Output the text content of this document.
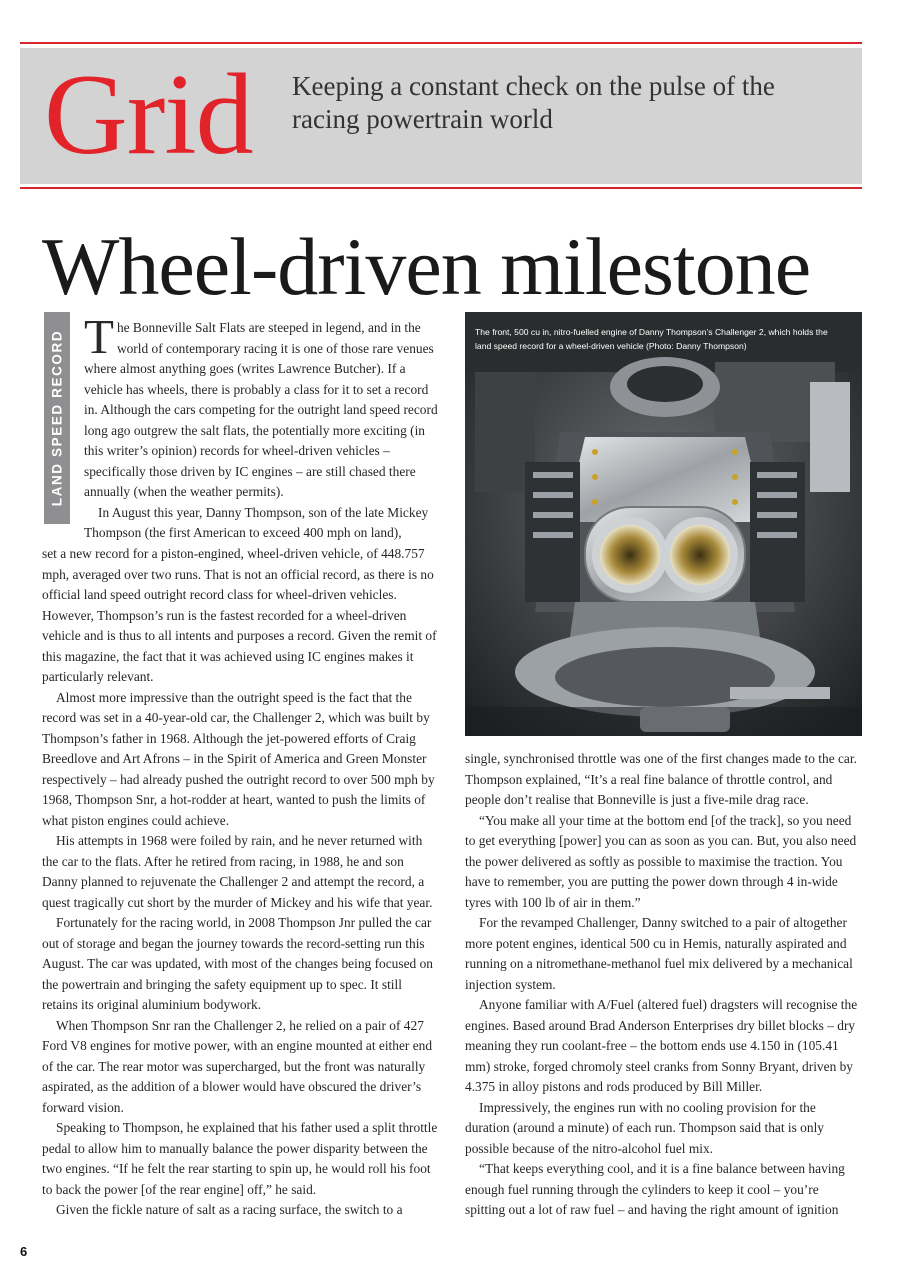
Grid Keeping a constant check on the pulse of the racing powertrain world
Wheel-driven milestone
LAND SPEED RECORD The Bonneville Salt Flats are steeped in legend, and in the world of contemporary racing it is one of those rare venues where almost anything goes (writes Lawrence Butcher). If a vehicle has wheels, there is probably a class for it to set a record in. Although the cars competing for the outright land speed record long ago outgrew the salt flats, the potentially more exciting (in this writer’s opinion) records for wheel-driven vehicles – specifically those driven by IC engines – are still chased there annually (when the weather permits).

In August this year, Danny Thompson, son of the late Mickey Thompson (the first American to exceed 400 mph on land),

set a new record for a piston-engined, wheel-driven vehicle, of 448.757 mph, averaged over two runs. That is not an official record, as there is no official land speed outright record class for wheel-driven vehicles. However, Thompson’s run is the fastest recorded for a wheel-driven vehicle and is thus to all intents and purposes a record. Given the remit of this magazine, the fact that it was achieved using IC engines makes it particularly relevant.

Almost more impressive than the outright speed is the fact that the record was set in a 40-year-old car, the Challenger 2, which was built by Thompson’s father in 1968. Although the jet-powered efforts of Craig Breedlove and Art Afrons – in the Spirit of America and Green Monster respectively – had already pushed the outright record to over 500 mph by 1968, Thompson Snr, a hot-rodder at heart, wanted to push the limits of what piston engines could achieve.

His attempts in 1968 were foiled by rain, and he never returned with the car to the flats. After he retired from racing, in 1988, he and son Danny planned to rejuvenate the Challenger 2 and attempt the record, a quest tragically cut short by the murder of Mickey and his wife that year.

Fortunately for the racing world, in 2008 Thompson Jnr pulled the car out of storage and began the journey towards the record-setting run this August. The car was updated, with most of the changes being focused on the powertrain and bringing the safety equipment up to spec. It still retains its original aluminium bodywork.

When Thompson Snr ran the Challenger 2, he relied on a pair of 427 Ford V8 engines for motive power, with an engine mounted at either end of the car. The rear motor was supercharged, but the front was naturally aspirated, as the addition of a blower would have obscured the driver’s forward vision.

Speaking to Thompson, he explained that his father used a split throttle pedal to allow him to manually balance the power disparity between the two engines. “If he felt the rear starting to spin up, he would roll his foot to back the power [of the rear engine] off,” he said.

Given the fickle nature of salt as a racing surface, the switch to a

The front, 500 cu in, nitro-fuelled engine of Danny Thompson’s Challenger 2, which holds the land speed record for a wheel-driven vehicle (Photo: Danny Thompson)

single, synchronised throttle was one of the first changes made to the car. Thompson explained, “It’s a real fine balance of throttle control, and people don’t realise that Bonneville is just a five-mile drag race.

“You make all your time at the bottom end [of the track], so you need to get everything [power] you can as soon as you can. But, you also need the power delivered as softly as possible to maximise the traction. You have to remember, you are putting the power down through 4 in-wide tyres with 100 lb of air in them.”

For the revamped Challenger, Danny switched to a pair of altogether more potent engines, identical 500 cu in Hemis, naturally aspirated and running on a nitromethane-methanol fuel mix delivered by a mechanical injection system.

Anyone familiar with A/Fuel (altered fuel) dragsters will recognise the engines. Based around Brad Anderson Enterprises dry billet blocks – dry meaning they run coolant-free – the bottom ends use 4.150 in (105.41 mm) stroke, forged chromoly steel cranks from Sonny Bryant, driven by 4.375 in alloy pistons and rods produced by Bill Miller.

Impressively, the engines run with no cooling provision for the duration (around a minute) of each run. Thompson said that is only possible because of the nitro-alcohol fuel mix.

“That keeps everything cool, and it is a fine balance between having enough fuel running through the cylinders to keep it cool – you’re spitting out a lot of raw fuel – and having the right amount of ignition

6
